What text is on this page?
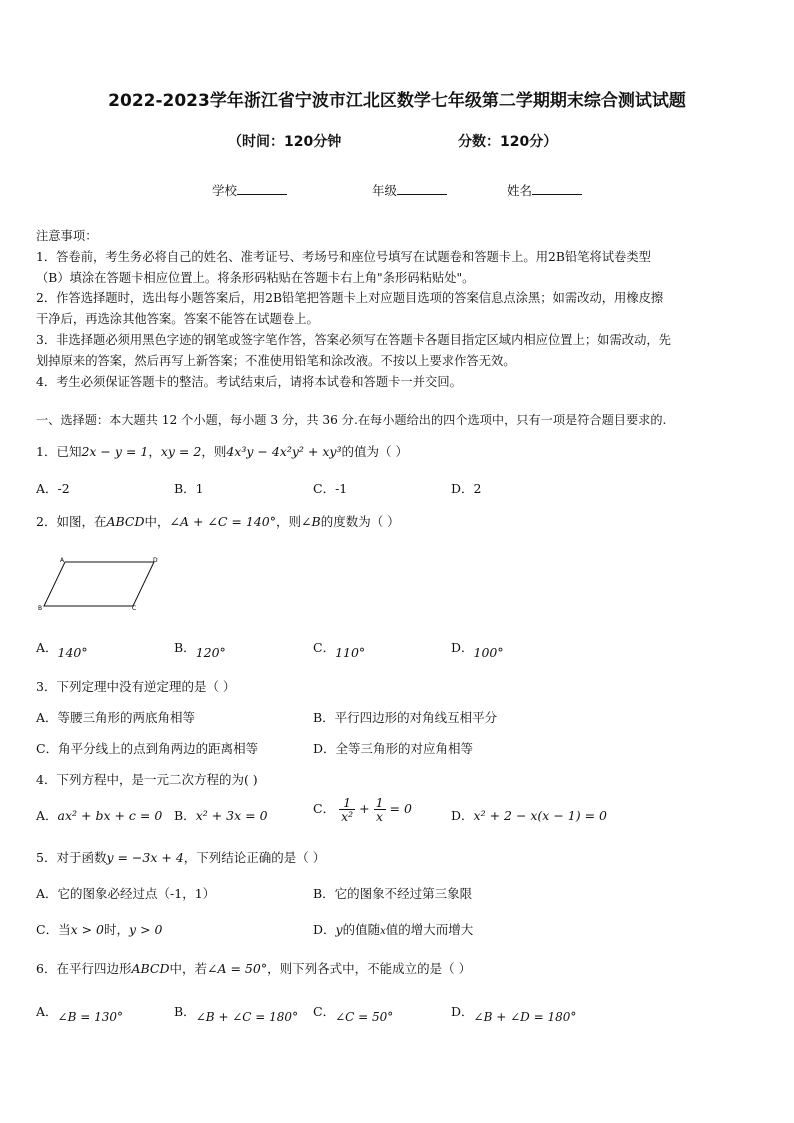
2022-2023学年浙江省宁波市江北区数学七年级第二学期期末综合测试试题
（时间：120分钟	分数：120分）
学校	年级	姓名
注意事项：
1．答卷前，考生务必将自己的姓名、准考证号、考场号和座位号填写在试题卷和答题卡上。用2B铅笔将试卷类型
（B）填涂在答题卡相应位置上。将条形码粘贴在答题卡右上角"条形码粘贴处"。
2．作答选择题时，选出每小题答案后，用2B铅笔把答题卡上对应题目选项的答案信息点涂黑；如需改动，用橡皮擦
干净后，再选涂其他答案。答案不能答在试题卷上。
3．非选择题必须用黑色字迹的钢笔或签字笔作答，答案必须写在答题卡各题目指定区域内相应位置上；如需改动，先
划掉原来的答案，然后再写上新答案；不准使用铅笔和涂改液。不按以上要求作答无效。
4．考生必须保证答题卡的整洁。考试结束后，请将本试卷和答题卡一并交回。
一、选择题：本大题共 12 个小题，每小题 3 分，共 36 分.在每小题给出的四个选项中，只有一项是符合题目要求的.
1．已知2x − y = 1，xy = 2，则4x³y − 4x²y² + xy³的值为（ ）
A．-2	B．1	C．-1	D．2
2．如图，在ABCD中，∠A + ∠C = 140°，则∠B的度数为（ ）
A	D
B	C
A．140°	B．120°	C．110°	D．100°
3．下列定理中没有逆定理的是（ ）
A．等腰三角形的两底角相等	B．平行四边形的对角线互相平分
C．角平分线上的点到角两边的距离相等	D．全等三角形的对应角相等
4．下列方程中，是一元二次方程的为( )
A．ax² + bx + c = 0 B．x² + 3x = 0	C． $\frac{1}{\text{x²}} + \frac{1}{x} = 0$	D．x² + 2 − x(x − 1) = 0
5．对于函数y = −3x + 4，下列结论正确的是（ ）
A．它的图象必经过点（-1，1）	B．它的图象不经过第三象限
C．当x > 0时，y > 0	D．y的值随x值的增大而增大
6．在平行四边形ABCD中，若∠A = 50°，则下列各式中，不能成立的是（ ）
A．∠B = 130°	B．∠B + ∠C = 180° C．∠C = 50°	D．∠B + ∠D = 180°
